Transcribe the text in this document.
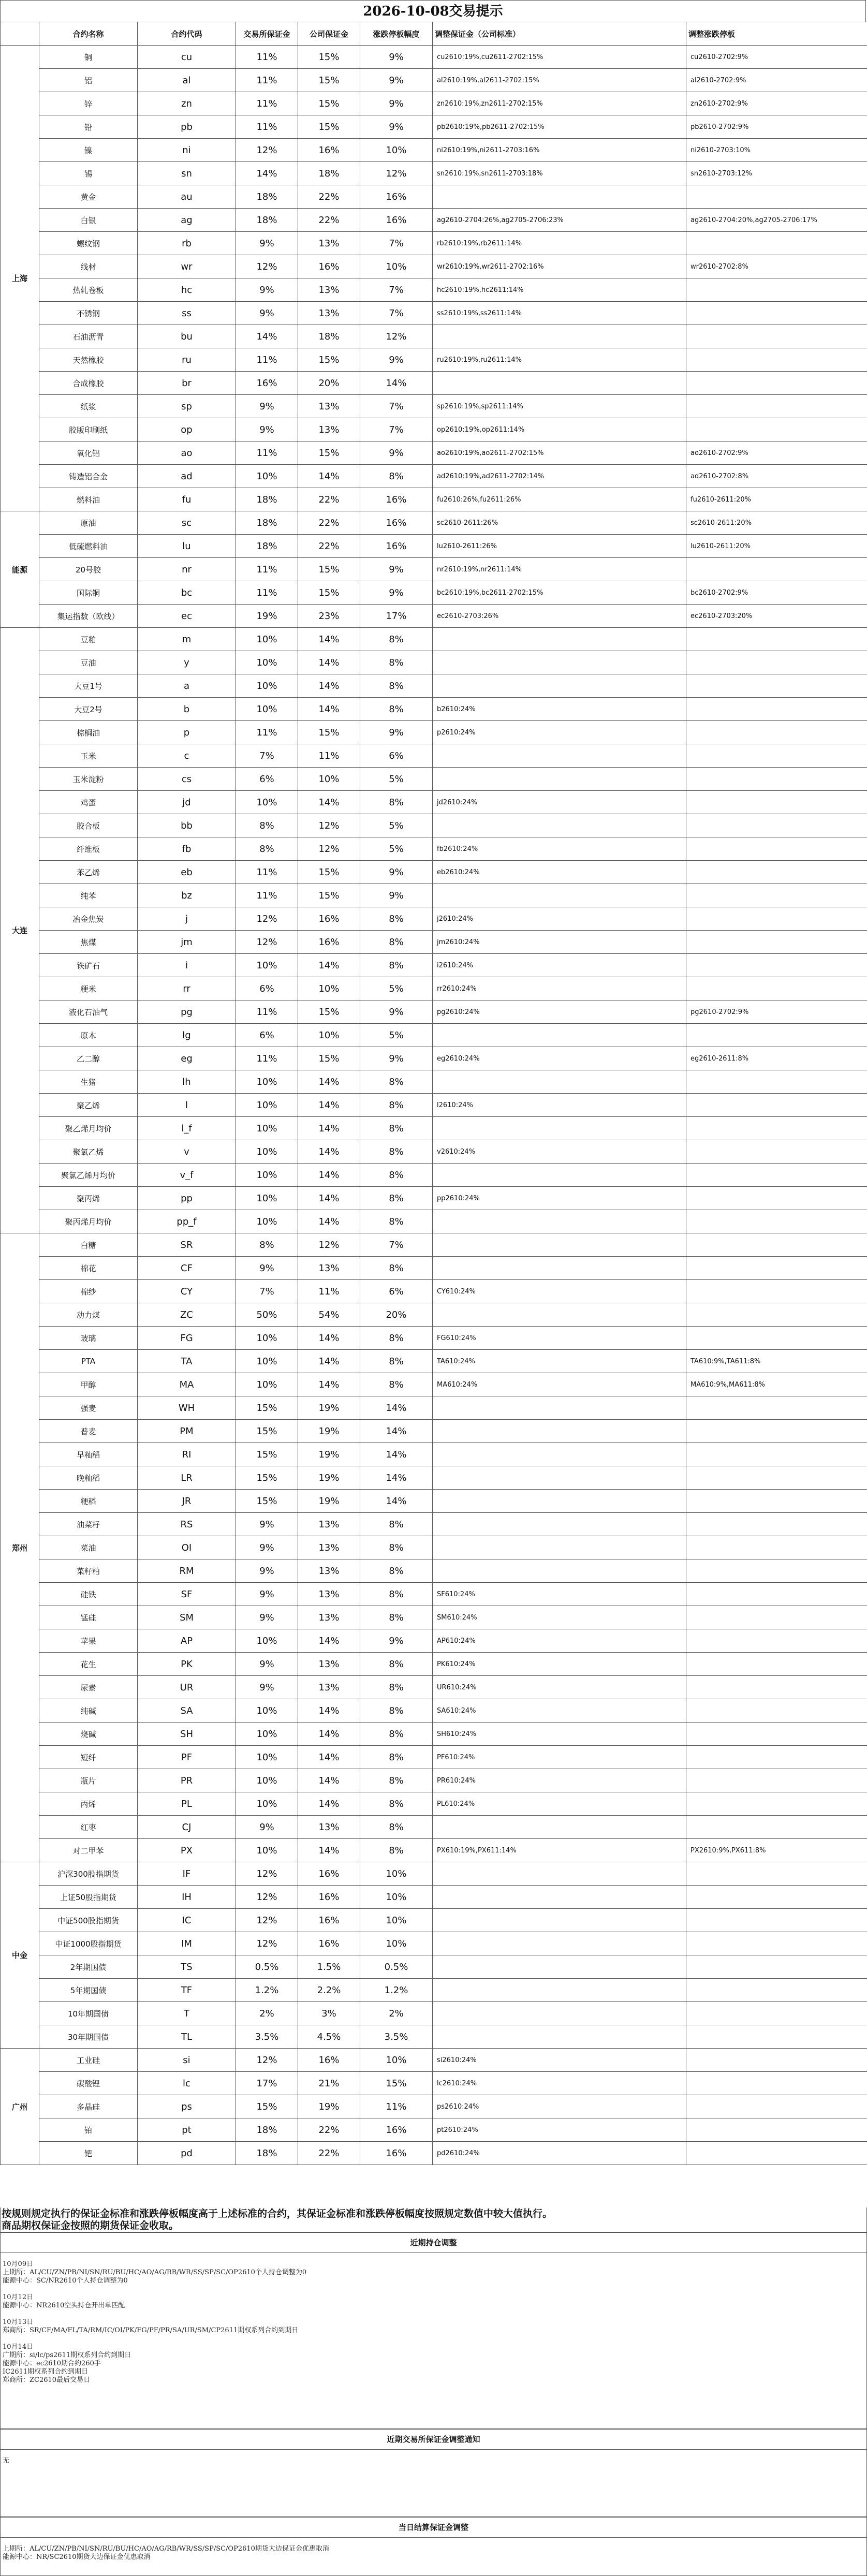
2026-10-08交易提示
	合约名称	合约代码	交易所保证金	公司保证金	涨跌停板幅度	调整保证金（公司标准）	调整涨跌停板
上海	铜	cu	11%	15%	9%	cu2610:19%,cu2611-2702:15%	cu2610-2702:9%
	铝	al	11%	15%	9%	al2610:19%,al2611-2702:15%	al2610-2702:9%
	锌	zn	11%	15%	9%	zn2610:19%,zn2611-2702:15%	zn2610-2702:9%
	铅	pb	11%	15%	9%	pb2610:19%,pb2611-2702:15%	pb2610-2702:9%
	镍	ni	12%	16%	10%	ni2610:19%,ni2611-2703:16%	ni2610-2703:10%
	锡	sn	14%	18%	12%	sn2610:19%,sn2611-2703:18%	sn2610-2703:12%
	黄金	au	18%	22%	16%		
	白银	ag	18%	22%	16%	ag2610-2704:26%,ag2705-2706:23%	ag2610-2704:20%,ag2705-2706:17%
	螺纹钢	rb	9%	13%	7%	rb2610:19%,rb2611:14%	
	线材	wr	12%	16%	10%	wr2610:19%,wr2611-2702:16%	wr2610-2702:8%
	热轧卷板	hc	9%	13%	7%	hc2610:19%,hc2611:14%	
	不锈钢	ss	9%	13%	7%	ss2610:19%,ss2611:14%	
	石油沥青	bu	14%	18%	12%		
	天然橡胶	ru	11%	15%	9%	ru2610:19%,ru2611:14%	
	合成橡胶	br	16%	20%	14%		
	纸浆	sp	9%	13%	7%	sp2610:19%,sp2611:14%	
	胶版印刷纸	op	9%	13%	7%	op2610:19%,op2611:14%	
	氧化铝	ao	11%	15%	9%	ao2610:19%,ao2611-2702:15%	ao2610-2702:9%
	铸造铝合金	ad	10%	14%	8%	ad2610:19%,ad2611-2702:14%	ad2610-2702:8%
	燃料油	fu	18%	22%	16%	fu2610:26%,fu2611:26%	fu2610-2611:20%
能源	原油	sc	18%	22%	16%	sc2610-2611:26%	sc2610-2611:20%
	低硫燃料油	lu	18%	22%	16%	lu2610-2611:26%	lu2610-2611:20%
	20号胶	nr	11%	15%	9%	nr2610:19%,nr2611:14%	
	国际铜	bc	11%	15%	9%	bc2610:19%,bc2611-2702:15%	bc2610-2702:9%
	集运指数（欧线）	ec	19%	23%	17%	ec2610-2703:26%	ec2610-2703:20%
大连	豆粕	m	10%	14%	8%		
	豆油	y	10%	14%	8%		
	大豆1号	a	10%	14%	8%		
	大豆2号	b	10%	14%	8%	b2610:24%	
	棕榈油	p	11%	15%	9%	p2610:24%	
	玉米	c	7%	11%	6%		
	玉米淀粉	cs	6%	10%	5%		
	鸡蛋	jd	10%	14%	8%	jd2610:24%	
	胶合板	bb	8%	12%	5%		
	纤维板	fb	8%	12%	5%	fb2610:24%	
	苯乙烯	eb	11%	15%	9%	eb2610:24%	
	纯苯	bz	11%	15%	9%		
	冶金焦炭	j	12%	16%	8%	j2610:24%	
	焦煤	jm	12%	16%	8%	jm2610:24%	
	铁矿石	i	10%	14%	8%	i2610:24%	
	粳米	rr	6%	10%	5%	rr2610:24%	
	液化石油气	pg	11%	15%	9%	pg2610:24%	pg2610-2702:9%
	原木	lg	6%	10%	5%		
	乙二醇	eg	11%	15%	9%	eg2610:24%	eg2610-2611:8%
	生猪	lh	10%	14%	8%		
	聚乙烯	l	10%	14%	8%	l2610:24%	
	聚乙烯月均价	l_f	10%	14%	8%		
	聚氯乙烯	v	10%	14%	8%	v2610:24%	
	聚氯乙烯月均价	v_f	10%	14%	8%		
	聚丙烯	pp	10%	14%	8%	pp2610:24%	
	聚丙烯月均价	pp_f	10%	14%	8%		
郑州	白糖	SR	8%	12%	7%		
	棉花	CF	9%	13%	8%		
	棉纱	CY	7%	11%	6%	CY610:24%	
	动力煤	ZC	50%	54%	20%		
	玻璃	FG	10%	14%	8%	FG610:24%	
	PTA	TA	10%	14%	8%	TA610:24%	TA610:9%,TA611:8%
	甲醇	MA	10%	14%	8%	MA610:24%	MA610:9%,MA611:8%
	强麦	WH	15%	19%	14%		
	普麦	PM	15%	19%	14%		
	早籼稻	RI	15%	19%	14%		
	晚籼稻	LR	15%	19%	14%		
	粳稻	JR	15%	19%	14%		
	油菜籽	RS	9%	13%	8%		
	菜油	OI	9%	13%	8%		
	菜籽粕	RM	9%	13%	8%		
	硅铁	SF	9%	13%	8%	SF610:24%	
	锰硅	SM	9%	13%	8%	SM610:24%	
	苹果	AP	10%	14%	9%	AP610:24%	
	花生	PK	9%	13%	8%	PK610:24%	
	尿素	UR	9%	13%	8%	UR610:24%	
	纯碱	SA	10%	14%	8%	SA610:24%	
	烧碱	SH	10%	14%	8%	SH610:24%	
	短纤	PF	10%	14%	8%	PF610:24%	
	瓶片	PR	10%	14%	8%	PR610:24%	
	丙烯	PL	10%	14%	8%	PL610:24%	
	红枣	CJ	9%	13%	8%		
	对二甲苯	PX	10%	14%	8%	PX610:19%,PX611:14%	PX2610:9%,PX611:8%
中金	沪深300股指期货	IF	12%	16%	10%		
	上证50股指期货	IH	12%	16%	10%		
	中证500股指期货	IC	12%	16%	10%		
	中证1000股指期货	IM	12%	16%	10%		
	2年期国债	TS	0.5%	1.5%	0.5%		
	5年期国债	TF	1.2%	2.2%	1.2%		
	10年期国债	T	2%	3%	2%		
	30年期国债	TL	3.5%	4.5%	3.5%		
广州	工业硅	si	12%	16%	10%	si2610:24%	
	碳酸锂	lc	17%	21%	15%	lc2610:24%	
	多晶硅	ps	15%	19%	11%	ps2610:24%	
	铂	pt	18%	22%	16%	pt2610:24%	
	钯	pd	18%	22%	16%	pd2610:24%	
按规则规定执行的保证金标准和涨跌停板幅度高于上述标准的合约，其保证金标准和涨跌停板幅度按照规定数值中较大值执行。
商品期权保证金按照的期货保证金收取。
近期持仓调整
10月09日
上期所：AL/CU/ZN/PB/NI/SN/RU/BU/HC/AO/AG/RB/WR/SS/SP/SC/OP2610个人持仓调整为0
能源中心：SC/NR2610个人持仓调整为0
10月12日
能源中心：NR2610空头持仓开出单匹配
10月13日
郑商所：SR/CF/MA/FL/TA/RM/IC/OI/PK/FG/PF/PR/SA/UR/SM/CP2611期权系列合约到期日
10月14日
广期所：si/lc/ps2611期权系列合约到期日
能源中心：ec2610期合约260手
IC2611期权系列合约到期日
郑商所：ZC2610最后交易日
近期交易所保证金调整通知
无
当日结算保证金调整
上期所：AL/CU/ZN/PB/NI/SN/RU/BU/HC/AO/AG/RB/WR/SS/SP/SC/OP2610期货大边保证金优惠取消
能源中心：NR/SC2610期货大边保证金优惠取消
